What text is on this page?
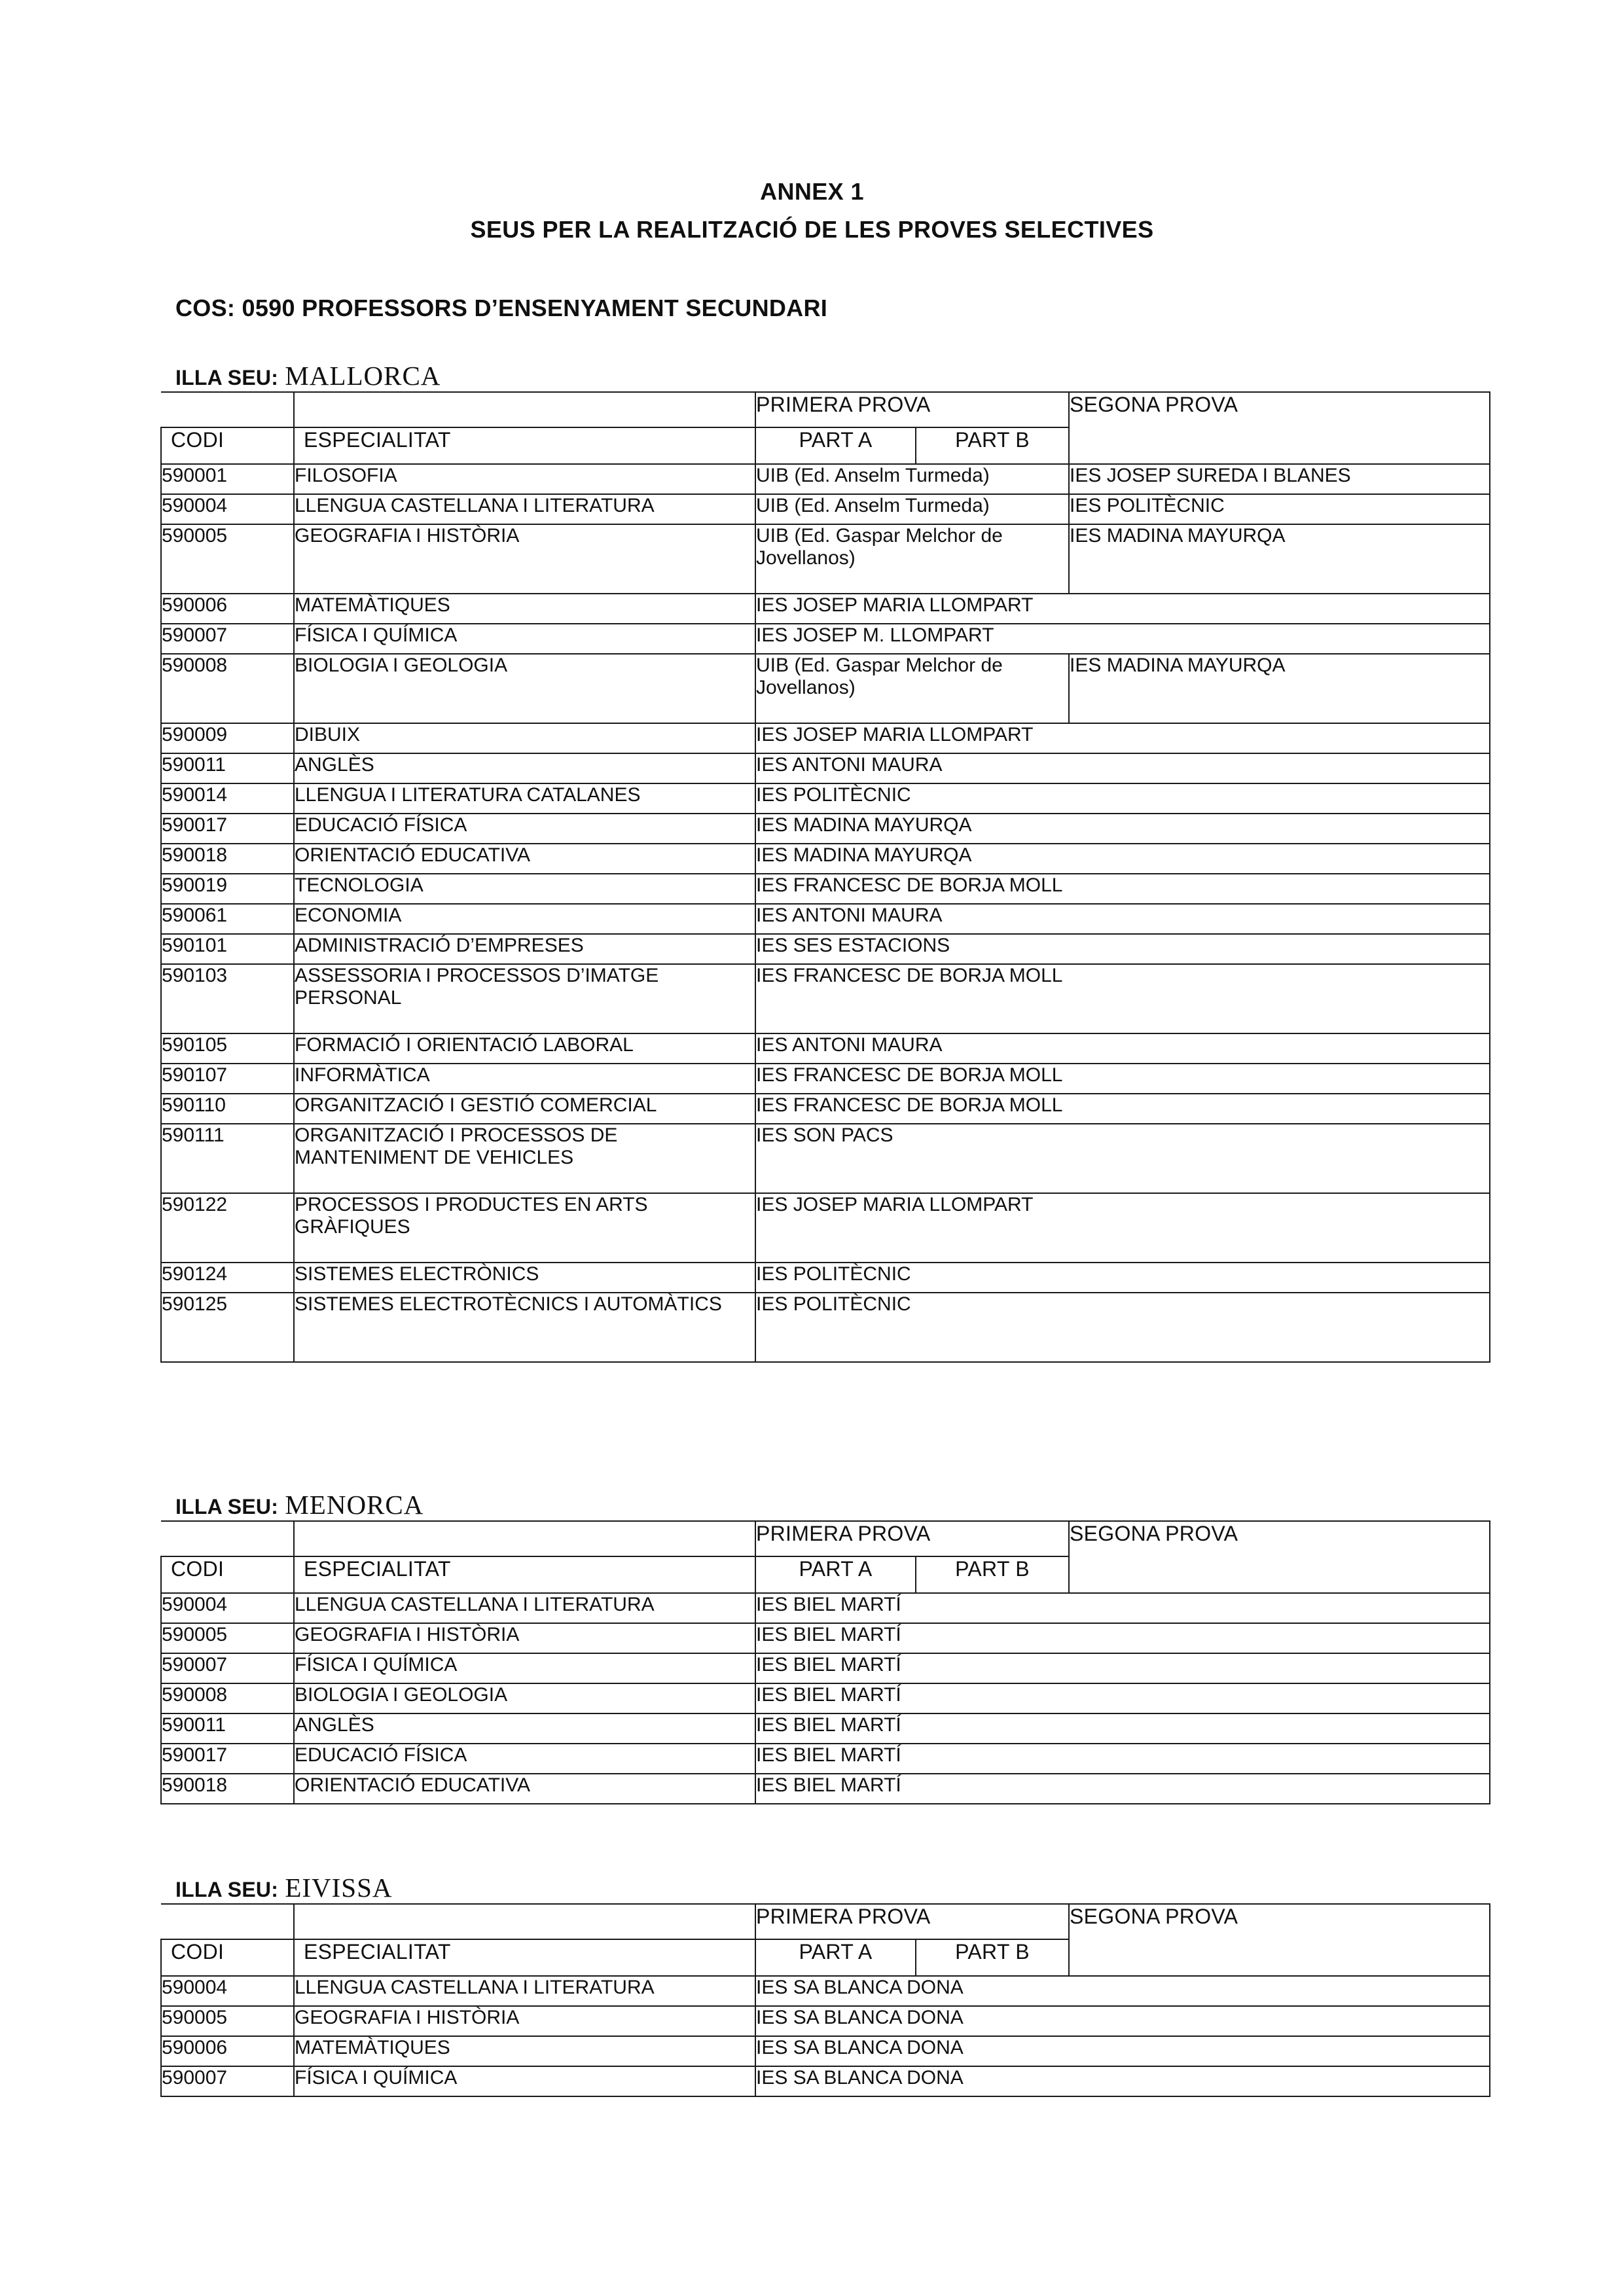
ANNEX 1
SEUS PER LA REALITZACIÓ DE LES PROVES SELECTIVES
COS: 0590 PROFESSORS D’ENSENYAMENT SECUNDARI
ILLA SEU: MALLORCA
		PRIMERA PROVA		SEGONA PROVA
CODI	ESPECIALITAT	PART A	PART B	
590001	FILOSOFIA	UIB (Ed. Anselm Turmeda)		IES JOSEP SUREDA I BLANES
590004	LLENGUA CASTELLANA I LITERATURA	UIB (Ed. Anselm Turmeda)		IES POLITÈCNIC
590005	GEOGRAFIA I HISTÒRIA	UIB (Ed. Gaspar Melchor de Jovellanos)		IES MADINA MAYURQA
590006	MATEMÀTIQUES	IES JOSEP MARIA LLOMPART		
590007	FÍSICA I QUÍMICA	IES JOSEP M. LLOMPART		
590008	BIOLOGIA I GEOLOGIA	UIB (Ed. Gaspar Melchor de Jovellanos)		IES MADINA MAYURQA
590009	DIBUIX	IES JOSEP MARIA LLOMPART		
590011	ANGLÈS	IES ANTONI MAURA		
590014	LLENGUA I LITERATURA CATALANES	IES POLITÈCNIC		
590017	EDUCACIÓ FÍSICA	IES MADINA MAYURQA		
590018	ORIENTACIÓ EDUCATIVA	IES MADINA MAYURQA		
590019	TECNOLOGIA	IES FRANCESC DE BORJA MOLL		
590061	ECONOMIA	IES ANTONI MAURA		
590101	ADMINISTRACIÓ D’EMPRESES	IES SES ESTACIONS		
590103	ASSESSORIA I PROCESSOS D’IMATGE PERSONAL	IES FRANCESC DE BORJA MOLL		
590105	FORMACIÓ I ORIENTACIÓ LABORAL	IES ANTONI MAURA		
590107	INFORMÀTICA	IES FRANCESC DE BORJA MOLL		
590110	ORGANITZACIÓ I GESTIÓ COMERCIAL	IES FRANCESC DE BORJA MOLL		
590111	ORGANITZACIÓ I PROCESSOS DE MANTENIMENT DE VEHICLES	IES SON PACS		
590122	PROCESSOS I PRODUCTES EN ARTS GRÀFIQUES	IES JOSEP MARIA LLOMPART		
590124	SISTEMES ELECTRÒNICS	IES POLITÈCNIC		
590125	SISTEMES ELECTROTÈCNICS I AUTOMÀTICS	IES POLITÈCNIC		
ILLA SEU: MENORCA
		PRIMERA PROVA		SEGONA PROVA
CODI	ESPECIALITAT	PART A	PART B	
590004	LLENGUA CASTELLANA I LITERATURA	IES BIEL MARTÍ		
590005	GEOGRAFIA I HISTÒRIA	IES BIEL MARTÍ		
590007	FÍSICA I QUÍMICA	IES BIEL MARTÍ		
590008	BIOLOGIA I GEOLOGIA	IES BIEL MARTÍ		
590011	ANGLÈS	IES BIEL MARTÍ		
590017	EDUCACIÓ FÍSICA	IES BIEL MARTÍ		
590018	ORIENTACIÓ EDUCATIVA	IES BIEL MARTÍ		
ILLA SEU: EIVISSA
		PRIMERA PROVA		SEGONA PROVA
CODI	ESPECIALITAT	PART A	PART B	
590004	LLENGUA CASTELLANA I LITERATURA	IES SA BLANCA DONA		
590005	GEOGRAFIA I HISTÒRIA	IES SA BLANCA DONA		
590006	MATEMÀTIQUES	IES SA BLANCA DONA		
590007	FÍSICA I QUÍMICA	IES SA BLANCA DONA		
